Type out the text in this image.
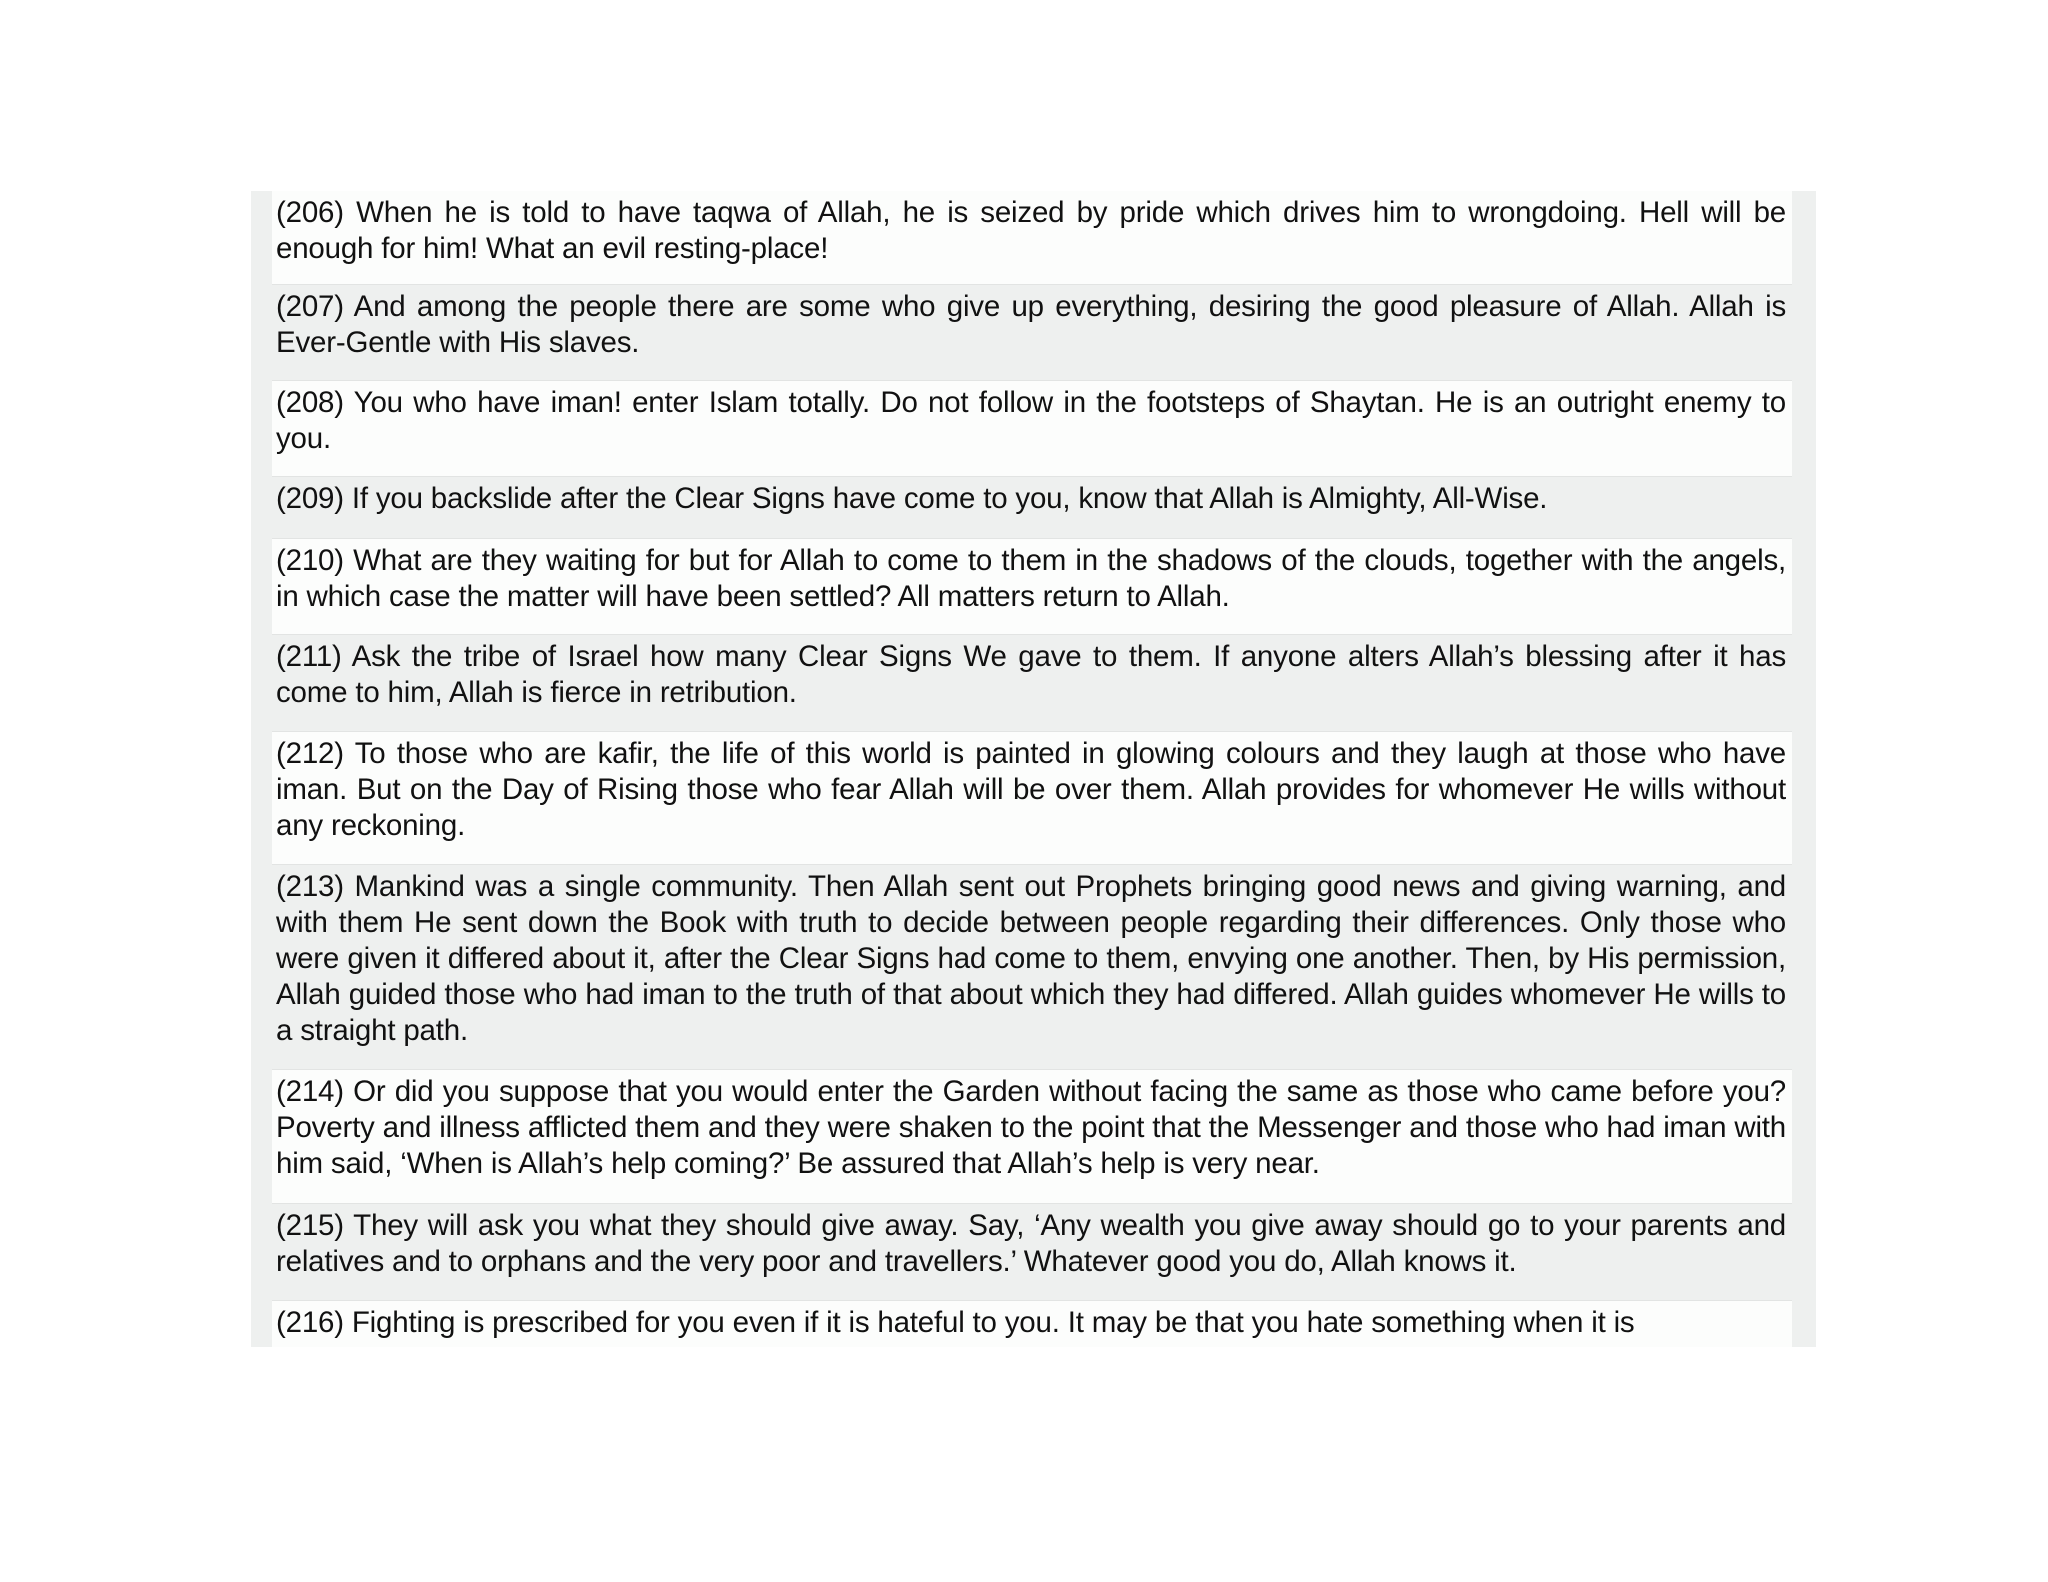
(206) When he is told to have taqwa of Allah, he is seized by pride which drives him to wrongdoing. Hell will be enough for him! What an evil resting-place!
(207) And among the people there are some who give up everything, desiring the good pleasure of Allah. Allah is Ever-Gentle with His slaves.
(208) You who have iman! enter Islam totally. Do not follow in the footsteps of Shaytan. He is an outright enemy to you.
(209) If you backslide after the Clear Signs have come to you, know that Allah is Almighty, All-Wise.
(210) What are they waiting for but for Allah to come to them in the shadows of the clouds, together with the angels, in which case the matter will have been settled? All matters return to Allah.
(211) Ask the tribe of Israel how many Clear Signs We gave to them. If anyone alters Allah’s blessing after it has come to him, Allah is fierce in retribution.
(212) To those who are kafir, the life of this world is painted in glowing colours and they laugh at those who have iman. But on the Day of Rising those who fear Allah will be over them. Allah provides for whomever He wills without any reckoning.
(213) Mankind was a single community. Then Allah sent out Prophets bringing good news and giving warning, and with them He sent down the Book with truth to decide between people regarding their differences. Only those who were given it differed about it, after the Clear Signs had come to them, envying one another. Then, by His permission, Allah guided those who had iman to the truth of that about which they had differed. Allah guides whomever He wills to a straight path.
(214) Or did you suppose that you would enter the Garden without facing the same as those who came before you? Poverty and illness afflicted them and they were shaken to the point that the Messenger and those who had iman with him said, ‘When is Allah’s help coming?’ Be assured that Allah’s help is very near.
(215) They will ask you what they should give away. Say, ‘Any wealth you give away should go to your parents and relatives and to orphans and the very poor and travellers.’ Whatever good you do, Allah knows it.
(216) Fighting is prescribed for you even if it is hateful to you. It may be that you hate something when it is
